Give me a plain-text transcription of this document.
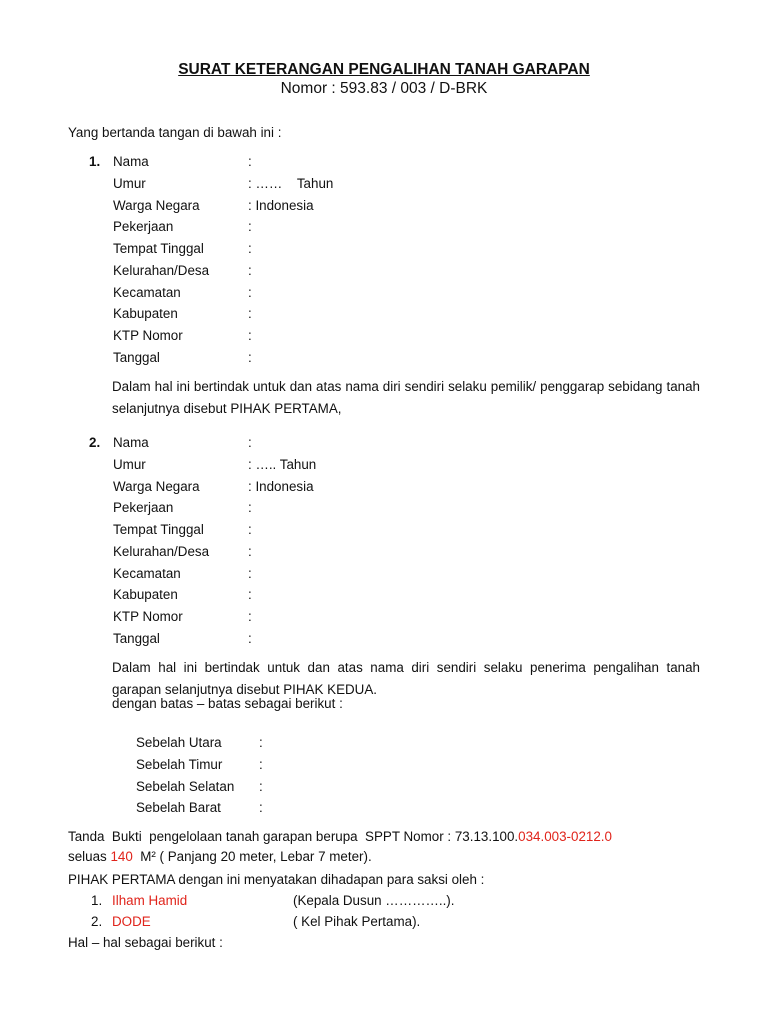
SURAT KETERANGAN PENGALIHAN TANAH GARAPAN
Nomor : 593.83 / 003 / D-BRK
Yang bertanda tangan di bawah ini :
1. Nama	:
Umur	: ……    Tahun
Warga Negara	: Indonesia
Pekerjaan	:
Tempat Tinggal	:
Kelurahan/Desa	:
Kecamatan	:
Kabupaten	:
KTP Nomor	:
Tanggal	:
Dalam hal ini bertindak untuk dan atas nama diri sendiri selaku pemilik/ penggarap sebidang tanah selanjutnya disebut PIHAK PERTAMA,
2. Nama	:
Umur	: ….. Tahun
Warga Negara	: Indonesia
Pekerjaan	:
Tempat Tinggal	:
Kelurahan/Desa	:
Kecamatan	:
Kabupaten	:
KTP Nomor	:
Tanggal	:
Dalam hal ini bertindak untuk dan atas nama diri sendiri selaku penerima pengalihan tanah garapan selanjutnya disebut PIHAK KEDUA.
dengan batas – batas sebagai berikut :
Sebelah Utara	:
Sebelah Timur	:
Sebelah Selatan :
Sebelah Barat	:
Tanda  Bukti  pengelolaan tanah garapan berupa  SPPT Nomor : 73.13.100.034.003-0212.0
seluas 140  M² ( Panjang 20 meter, Lebar 7 meter).
PIHAK PERTAMA dengan ini menyatakan dihadapan para saksi oleh :
1. Ilham Hamid	(Kepala Dusun …………..).
2. DODE	( Kel Pihak Pertama).
Hal – hal sebagai berikut :
